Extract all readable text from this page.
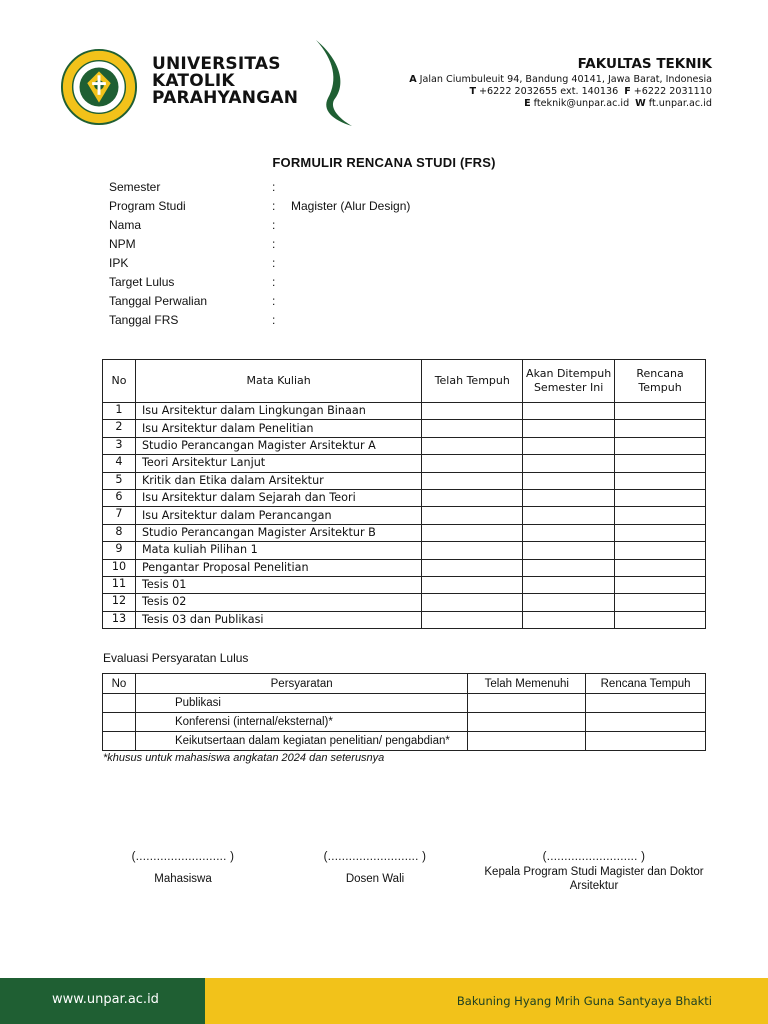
UNIVERSITAS
KATOLIK
PARAHYANGAN
FAKULTAS TEKNIK
A Jalan Ciumbuleuit 94, Bandung 40141, Jawa Barat, Indonesia
T +6222 2032655 ext. 140136 F +6222 2031110
E fteknik@unpar.ac.id W ft.unpar.ac.id
FORMULIR RENCANA STUDI (FRS)
Semester	:
Program Studi	:	Magister (Alur Design)
Nama	:
NPM	:
IPK	:
Target Lulus	:
Tanggal Perwalian	:
Tanggal FRS	:
No	Mata Kuliah	Telah Tempuh	Akan Ditempuh Semester Ini	Rencana Tempuh
1	Isu Arsitektur dalam Lingkungan Binaan			
2	Isu Arsitektur dalam Penelitian			
3	Studio Perancangan Magister Arsitektur A			
4	Teori Arsitektur Lanjut			
5	Kritik dan Etika dalam Arsitektur			
6	Isu Arsitektur dalam Sejarah dan Teori			
7	Isu Arsitektur dalam Perancangan			
8	Studio Perancangan Magister Arsitektur B			
9	Mata kuliah Pilihan 1			
10	Pengantar Proposal Penelitian			
11	Tesis 01			
12	Tesis 02			
13	Tesis 03 dan Publikasi			
Evaluasi Persyaratan Lulus
No	Persyaratan	Telah Memenuhi	Rencana Tempuh
	Publikasi		
	Konferensi (internal/eksternal)*		
	Keikutsertaan dalam kegiatan penelitian/ pengabdian*		
*khusus untuk mahasiswa angkatan 2024 dan seterusnya
(.......................... )
Mahasiswa
(.......................... )
Dosen Wali
(.......................... )
Kepala Program Studi Magister dan Doktor Arsitektur
www.unpar.ac.id	Bakuning Hyang Mrih Guna Santyaya Bhakti
